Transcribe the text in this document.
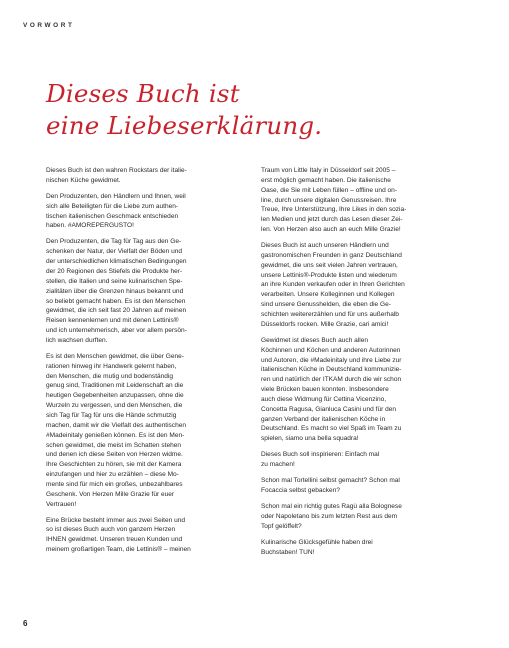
VORWORT
Dieses Buch ist
eine Liebeserklärung.

Dieses Buch ist den wahren Rockstars der italie-
nischen Küche gewidmet.

Den Produzenten, den Händlern und Ihnen, weil
sich alle Beteiligten für die Liebe zum authen-
tischen italienischen Geschmack entschieden
haben. #AMOREPERGUSTO!

Den Produzenten, die Tag für Tag aus den Ge-
schenken der Natur, der Vielfalt der Böden und
der unterschiedlichen klimatischen Bedingungen
der 20 Regionen des Stiefels die Produkte her-
stellen, die Italien und seine kulinarischen Spe-
zialitäten über die Grenzen hinaus bekannt und
so beliebt gemacht haben. Es ist den Menschen
gewidmet, die ich seit fast 20 Jahren auf meinen
Reisen kennenlernen und mit denen Lettinis®
und ich unternehmerisch, aber vor allem persön-
lich wachsen durften.

Es ist den Menschen gewidmet, die über Gene-
rationen hinweg ihr Handwerk gelernt haben,
den Menschen, die mutig und bodenständig
genug sind, Traditionen mit Leidenschaft an die
heutigen Gegebenheiten anzupassen, ohne die
Wurzeln zu vergessen, und den Menschen, die
sich Tag für Tag für uns die Hände schmutzig
machen, damit wir die Vielfalt des authentischen
#Madeinitaly genießen können. Es ist den Men-
schen gewidmet, die meist im Schatten stehen
und denen ich diese Seiten von Herzen widme.
Ihre Geschichten zu hören, sie mit der Kamera
einzufangen und hier zu erzählen – diese Mo-
mente sind für mich ein großes, unbezahlbares
Geschenk. Von Herzen Mille Grazie für euer
Vertrauen!

Eine Brücke besteht immer aus zwei Seiten und
so ist dieses Buch auch von ganzem Herzen
IHNEN gewidmet. Unseren treuen Kunden und
meinem großartigen Team, die Lettinis® – meinen

Traum von Little Italy in Düsseldorf seit 2005 –
erst möglich gemacht haben. Die italienische
Oase, die Sie mit Leben füllen – offline und on-
line, durch unsere digitalen Genussreisen. Ihre
Treue, Ihre Unterstützung, Ihre Likes in den sozia-
len Medien und jetzt durch das Lesen dieser Zei-
len. Von Herzen also auch an euch Mille Grazie!

Dieses Buch ist auch unseren Händlern und
gastronomischen Freunden in ganz Deutschland
gewidmet, die uns seit vielen Jahren vertrauen,
unsere Lettinis®-Produkte listen und wiederum
an ihre Kunden verkaufen oder in Ihren Gerichten
verarbeiten. Unsere Kolleginnen und Kollegen
sind unsere Genusshelden, die eben die Ge-
schichten weitererzählen und für uns außerhalb
Düsseldorfs rocken. Mille Grazie, cari amici!

Gewidmet ist dieses Buch auch allen
Köchinnen und Köchen und anderen Autorinnen
und Autoren, die #Madeinitaly und ihre Liebe zur
italienischen Küche in Deutschland kommunizie-
ren und natürlich der ITKAM durch die wir schon
viele Brücken bauen konnten. Insbesondere
auch diese Widmung für Cettina Vicenzino,
Concetta Ragusa, Gianluca Casini und für den
ganzen Verband der italienischen Köche in
Deutschland. Es macht so viel Spaß im Team zu
spielen, siamo una bella squadra!

Dieses Buch soll inspirieren: Einfach mal
zu machen!

Schon mal Tortellini selbst gemacht? Schon mal
Focaccia selbst gebacken?

Schon mal ein richtig gutes Ragù alla Bolognese
oder Napoletano bis zum letzten Rest aus dem
Topf gelöffelt?

Kulinarische Glücksgefühle haben drei
Buchstaben! TUN!

6
